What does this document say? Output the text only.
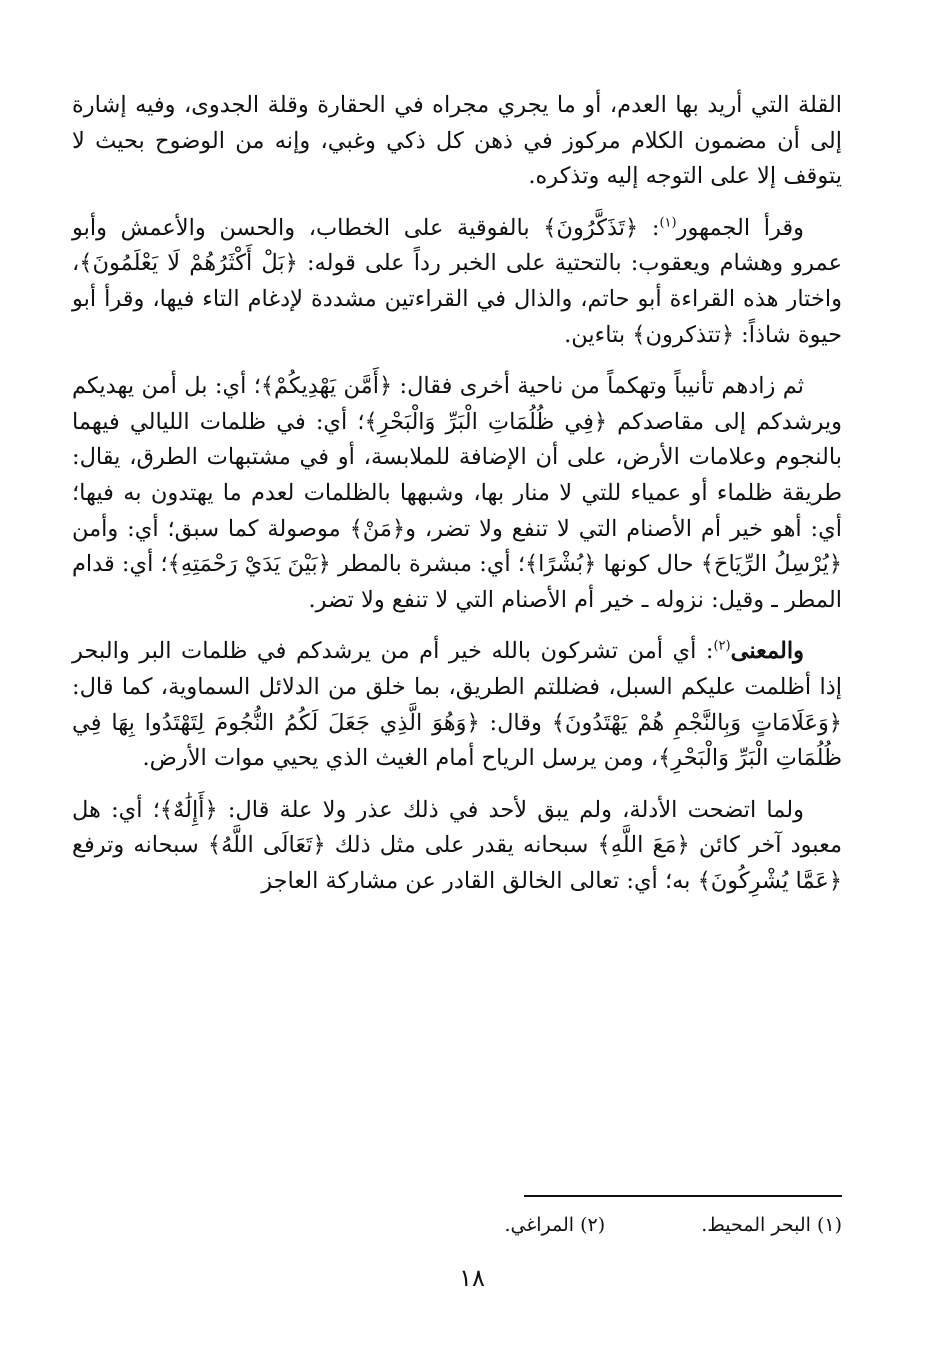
القلة التي أريد بها العدم، أو ما يجري مجراه في الحقارة وقلة الجدوى، وفيه إشارة إلى أن مضمون الكلام مركوز في ذهن كل ذكي وغبي، وإنه من الوضوح بحيث لا يتوقف إلا على التوجه إليه وتذكره.

وقرأ الجمهور$^{(١)}$: ﴿تَذَكَّرُونَ﴾ بالفوقية على الخطاب، والحسن والأعمش وأبو عمرو وهشام ويعقوب: بالتحتية على الخبر رداً على قوله: ﴿بَلْ أَكْثَرُهُمْ لَا يَعْلَمُونَ﴾، واختار هذه القراءة أبو حاتم، والذال في القراءتين مشددة لإدغام التاء فيها، وقرأ أبو حيوة شاذاً: ﴿تتذكرون﴾ بتاءين.

ثم زادهم تأنيباً وتهكماً من ناحية أخرى فقال: ﴿أَمَّن يَهْدِيكُمْ﴾؛ أي: بل أمن يهديكم ويرشدكم إلى مقاصدكم ﴿فِي ظُلُمَاتِ الْبَرِّ وَالْبَحْرِ﴾؛ أي: في ظلمات الليالي فيهما بالنجوم وعلامات الأرض، على أن الإضافة للملابسة، أو في مشتبهات الطرق، يقال: طريقة ظلماء أو عمياء للتي لا منار بها، وشبهها بالظلمات لعدم ما يهتدون به فيها؛ أي: أهو خير أم الأصنام التي لا تنفع ولا تضر، و﴿مَنْ﴾ موصولة كما سبق؛ أي: وأمن ﴿يُرْسِلُ الرِّيَاحَ﴾ حال كونها ﴿بُشْرًا﴾؛ أي: مبشرة بالمطر ﴿بَيْنَ يَدَيْ رَحْمَتِهِ﴾؛ أي: قدام المطر ـ وقيل: نزوله ـ خير أم الأصنام التي لا تنفع ولا تضر.

والمعنى$^{(٢)}$: أي أمن تشركون بالله خير أم من يرشدكم في ظلمات البر والبحر إذا أظلمت عليكم السبل، فضللتم الطريق، بما خلق من الدلائل السماوية، كما قال: ﴿وَعَلَامَاتٍ وَبِالنَّجْمِ هُمْ يَهْتَدُونَ﴾ وقال: ﴿وَهُوَ الَّذِي جَعَلَ لَكُمُ النُّجُومَ لِتَهْتَدُوا بِهَا فِي ظُلُمَاتِ الْبَرِّ وَالْبَحْرِ﴾، ومن يرسل الرياح أمام الغيث الذي يحيي موات الأرض.

ولما اتضحت الأدلة، ولم يبق لأحد في ذلك عذر ولا علة قال: ﴿أَإِلَٰهٌ﴾؛ أي: هل معبود آخر كائن ﴿مَعَ اللَّهِ﴾ سبحانه يقدر على مثل ذلك ﴿تَعَالَى اللَّهُ﴾ سبحانه وترفع ﴿عَمَّا يُشْرِكُونَ﴾ به؛ أي: تعالى الخالق القادر عن مشاركة العاجز

(١) البحر المحيط.
(٢) المراغي.
١٨
